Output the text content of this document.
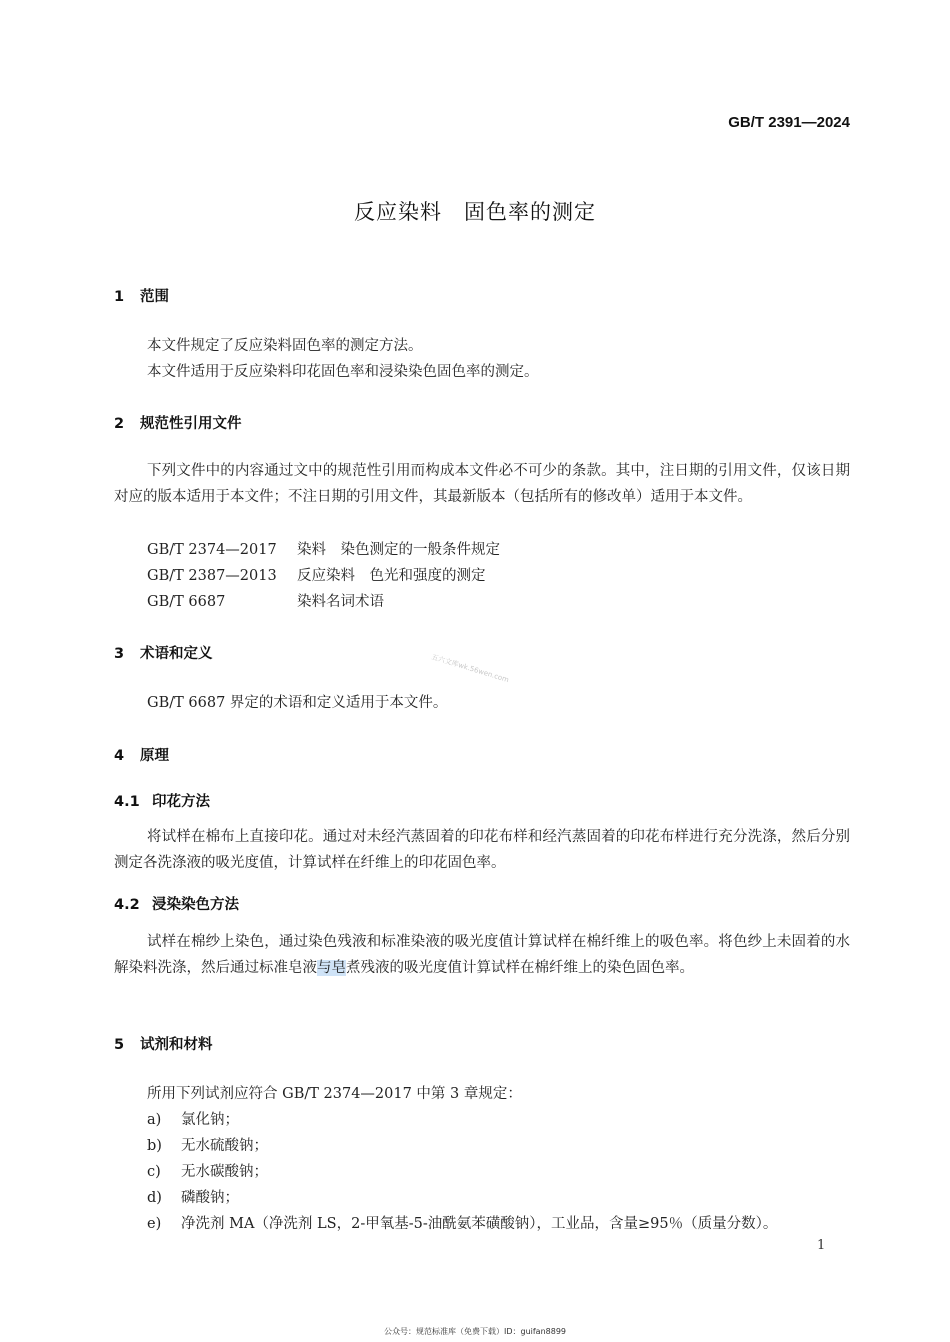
GB/T 2391—2024
反应染料　固色率的测定
1 范围
本文件规定了反应染料固色率的测定方法。
本文件适用于反应染料印花固色率和浸染染色固色率的测定。
2 规范性引用文件
下列文件中的内容通过文中的规范性引用而构成本文件必不可少的条款。其中，注日期的引用文件，仅该日期对应的版本适用于本文件；不注日期的引用文件，其最新版本（包括所有的修改单）适用于本文件。
GB/T 2374—2017 染料　染色测定的一般条件规定
GB/T 2387—2013 反应染料　色光和强度的测定
GB/T 6687	染料名词术语
3 术语和定义	五六文库wk.56wen.com
GB/T 6687 界定的术语和定义适用于本文件。
4 原理
4.1 印花方法
将试样在棉布上直接印花。通过对未经汽蒸固着的印花布样和经汽蒸固着的印花布样进行充分洗涤，然后分别测定各洗涤液的吸光度值，计算试样在纤维上的印花固色率。
4.2 浸染染色方法
试样在棉纱上染色，通过染色残液和标准染液的吸光度值计算试样在棉纤维上的吸色率。将色纱上未固着的水解染料洗涤，然后通过标准皂液与皂煮残液的吸光度值计算试样在棉纤维上的染色固色率。
5 试剂和材料
所用下列试剂应符合 GB/T 2374—2017 中第 3 章规定：
a) 氯化钠；
b) 无水硫酸钠；
c) 无水碳酸钠；
d) 磷酸钠；
e) 净洗剂 MA（净洗剂 LS，2-甲氧基-5-油酰氨苯磺酸钠），工业品，含量≥95％（质量分数）。
1
公众号：规范标准库（免费下载）ID：guifan8899
